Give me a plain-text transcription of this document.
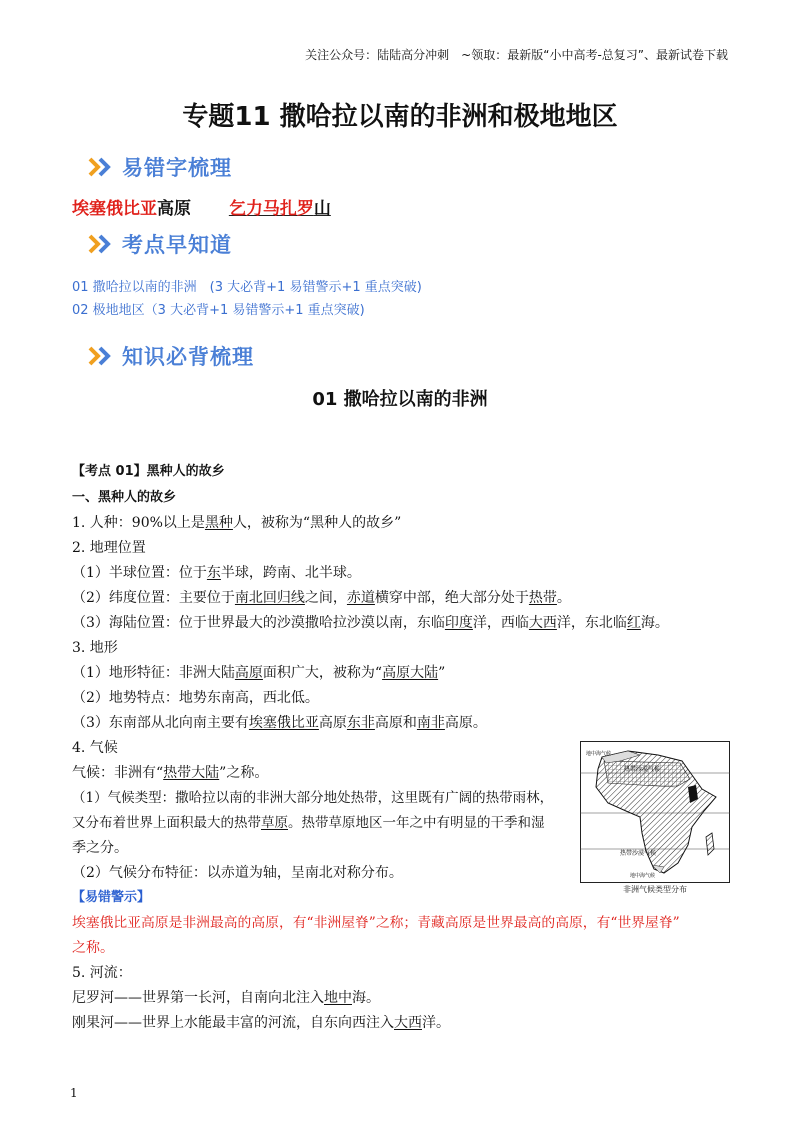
关注公众号：陆陆高分冲刺　~领取：最新版“小中高考-总复习”、最新试卷下载
专题11 撒哈拉以南的非洲和极地地区
易错字梳理
埃塞俄比亚高原 乞力马扎罗山
考点早知道
01 撒哈拉以南的非洲　(3 大必背+1 易错警示+1 重点突破)
02 极地地区（3 大必背+1 易错警示+1 重点突破)
知识必背梳理
01 撒哈拉以南的非洲
【考点 01】黑种人的故乡
一、黑种人的故乡
1. 人种：90%以上是黑种人，被称为“黑种人的故乡”
2. 地理位置
（1）半球位置：位于东半球，跨南、北半球。
（2）纬度位置：主要位于南北回归线之间，赤道横穿中部，绝大部分处于热带。
（3）海陆位置：位于世界最大的沙漠撒哈拉沙漠以南，东临印度洋，西临大西洋，东北临红海。
3. 地形
（1）地形特征：非洲大陆高原面积广大，被称为“高原大陆”
（2）地势特点：地势东南高，西北低。
（3）东南部从北向南主要有埃塞俄比亚高原东非高原和南非高原。
4. 气候
气候：非洲有“热带大陆”之称。
（1）气候类型：撒哈拉以南的非洲大部分地处热带，这里既有广阔的热带雨林，
又分布着世界上面积最大的热带草原。热带草原地区一年之中有明显的干季和湿
季之分。
（2）气候分布特征：以赤道为轴，呈南北对称分布。
【易错警示】
埃塞俄比亚高原是非洲最高的高原，有“非洲屋脊”之称；青藏高原是世界最高的高原，有“世界屋脊”
之称。
5. 河流：
尼罗河——世界第一长河，自南向北注入地中海。
刚果河——世界上水能最丰富的河流，自东向西注入大西洋。
热带沙漠气候
热带沙漠气候
地中海气候
地中海气候
非洲气候类型分布
1
